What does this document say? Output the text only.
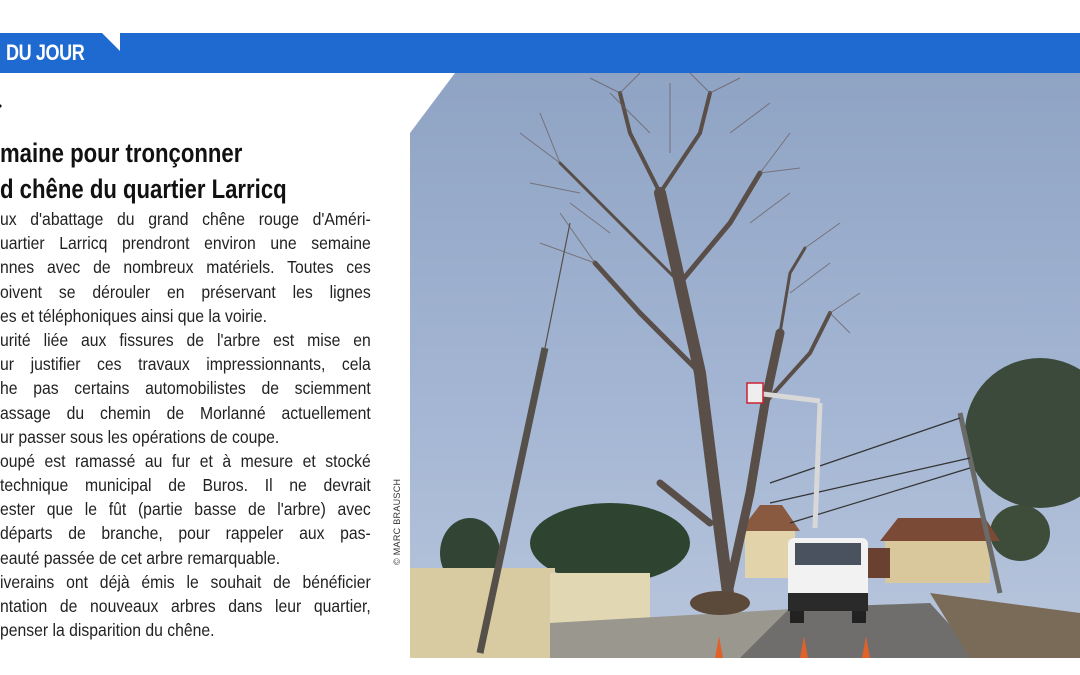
DU JOUR
maine pour tronçonner
d chêne du quartier Larricq
ux d'abattage du grand chêne rouge d'Améri-
uartier Larricq prendront environ une semaine
nnes avec de nombreux matériels. Toutes ces
oivent se dérouler en préservant les lignes
es et téléphoniques ainsi que la voirie.
urité liée aux fissures de l'arbre est mise en
ur justifier ces travaux impressionnants, cela
he pas certains automobilistes de sciemment
assage du chemin de Morlanné actuellement
ur passer sous les opérations de coupe.
oupé est ramassé au fur et à mesure et stocké
technique municipal de Buros. Il ne devrait
ester que le fût (partie basse de l'arbre) avec
départs de branche, pour rappeler aux pas-
eauté passée de cet arbre remarquable.
iverains ont déjà émis le souhait de bénéficier
ntation de nouveaux arbres dans leur quartier,
penser la disparition du chêne.
© MARC BRAUSCH
